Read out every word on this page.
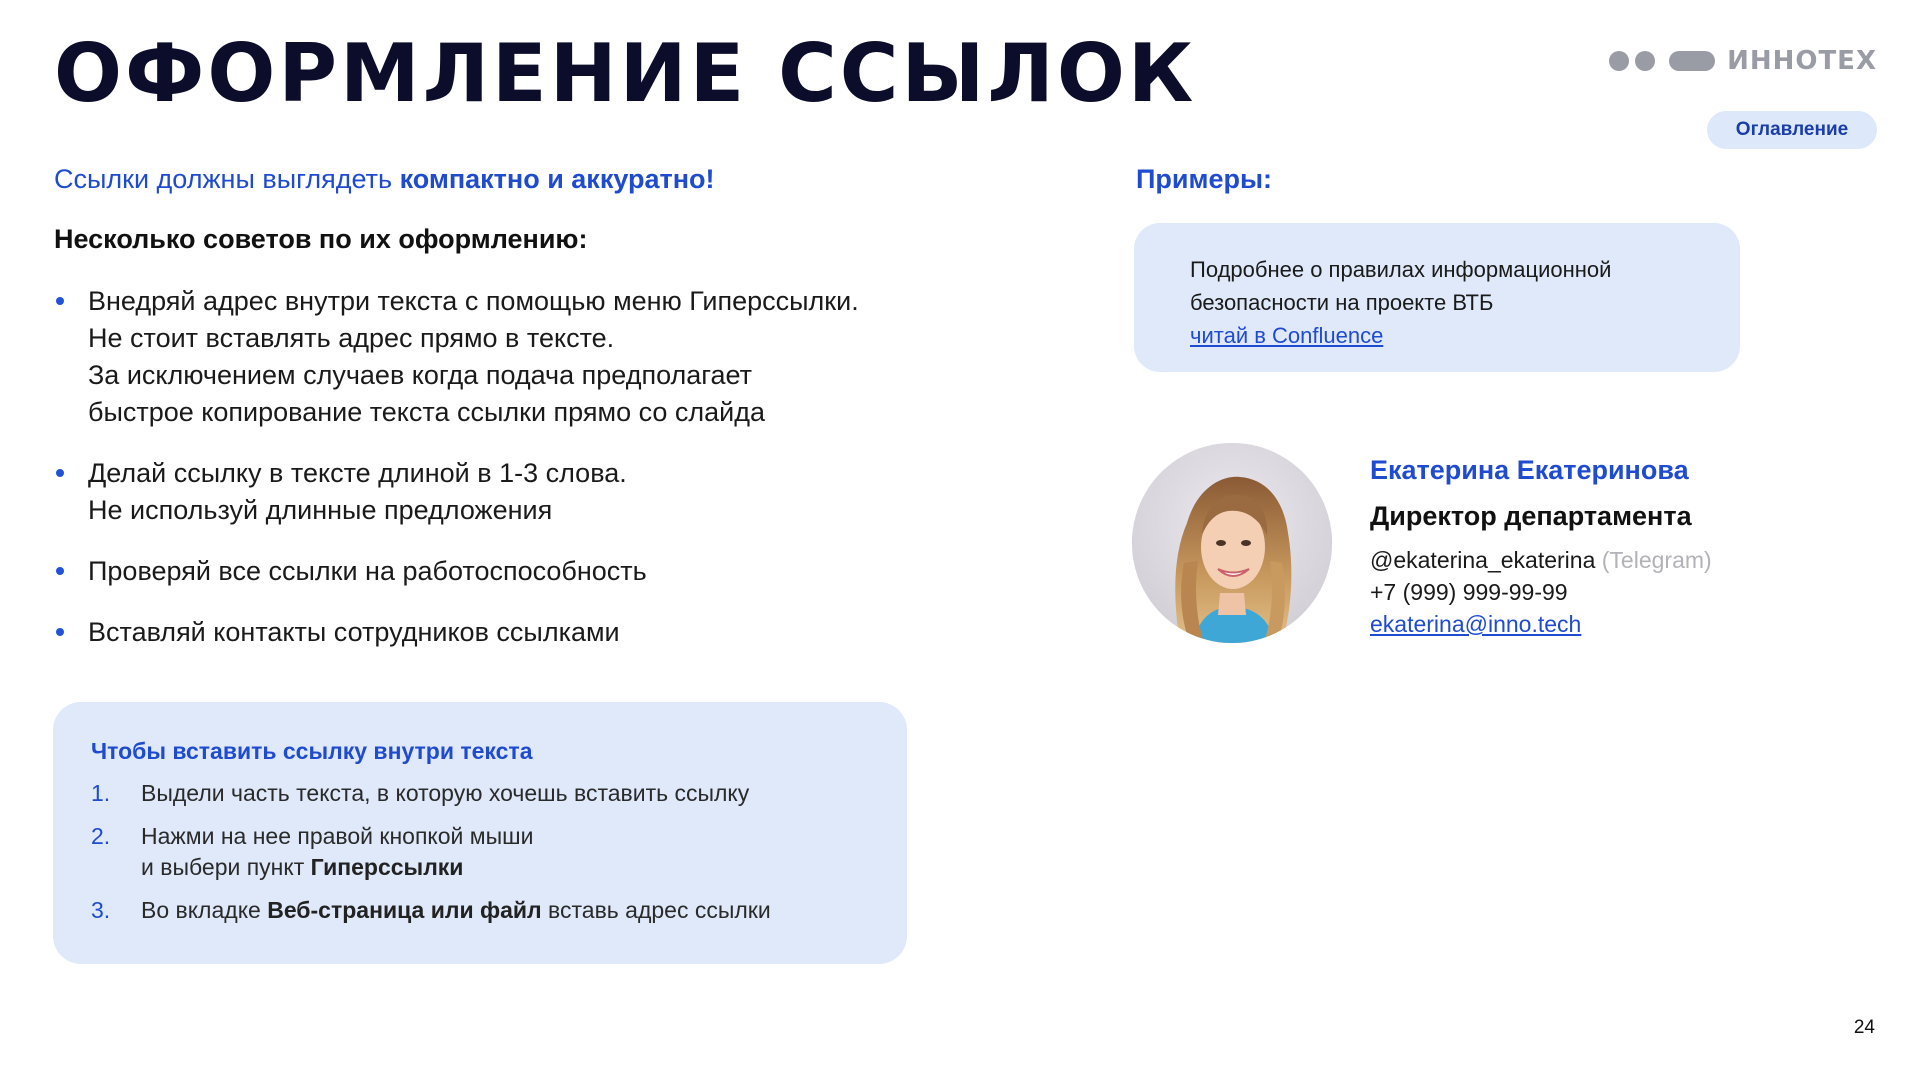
ОФОРМЛЕНИЕ ССЫЛОК	ИННОТЕХ
Оглавление
Ссылки должны выглядеть компактно и аккуратно!
Несколько советов по их оформлению:
Внедряй адрес внутри текста с помощью меню Гиперссылки.
Не стоит вставлять адрес прямо в тексте.
За исключением случаев когда подача предполагает
быстрое копирование текста ссылки прямо со слайда
Делай ссылку в тексте длиной в 1-3 слова.
Не используй длинные предложения
Проверяй все ссылки на работоспособность
Вставляй контакты сотрудников ссылками
Чтобы вставить ссылку внутри текста
1.	Выдели часть текста, в которую хочешь вставить ссылку
2.	Нажми на нее правой кнопкой мыши
и выбери пункт Гиперссылки
3.	Во вкладке Веб-страница или файл вставь адрес ссылки
Примеры:
Подробнее о правилах информационной
безопасности на проекте ВТБ
читай в Confluence
Екатерина Екатеринова
Директор департамента
@ekaterina_ekaterina (Telegram)
+7 (999) 999-99-99
ekaterina@inno.tech
24
